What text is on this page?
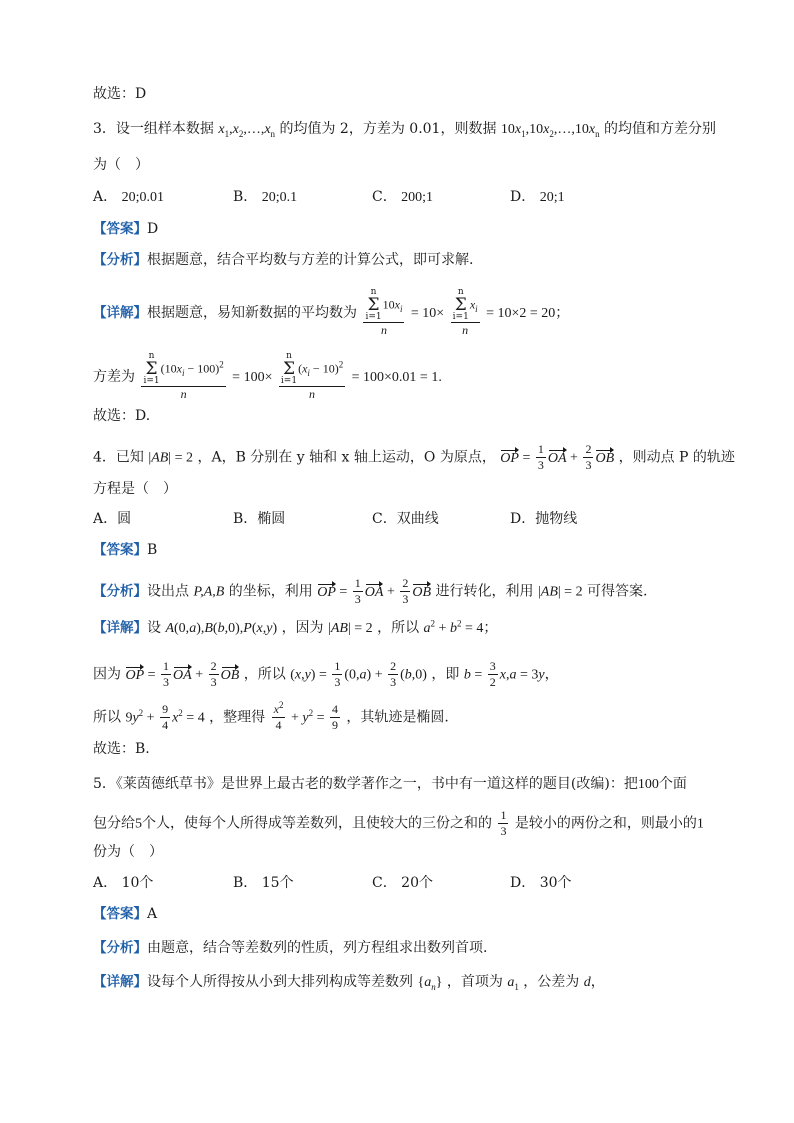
故选：D
3．设一组样本数据 $x_1,x_2,\dots,x_n$ 的均值为 2，方差为 0.01，则数据 $10x_1,10x_2,\dots,10x_n$ 的均值和方差分别
为（　）
A． 20;0.01	B． 20;0.1	C． 200;1	D． 20;1
【答案】D
【分析】根据题意，结合平均数与方差的计算公式，即可求解.
【详解】根据题意，易知新数据的平均数为 n
Σ
i=1
$10x_i$
n = 10× n
Σ
i=1
$x_i$
n = 10×2 = 20；
方差为 n
Σ
i=1
$(10x_i - 100)^2$
n = 100× n
Σ
i=1
$(x_i - 10)^2$
n = 100×0.01 = 1.
故选：D.
4．已知 |AB| = 2 ，A，B 分别在 y 轴和 x 轴上运动，O 为原点， OP = $\frac{1}{3}$ OA + $\frac{2}{3}$ OB ，则动点 P 的轨迹
方程是（　）
A．圆	B．椭圆	C．双曲线	D．抛物线
【答案】B
【分析】设出点 P,A,B 的坐标，利用 OP = $\frac{1}{3}$ OA + $\frac{2}{3}$ OB 进行转化，利用 |AB| = 2 可得答案.
【详解】设 A(0,a),B(b,0),P(x,y) ，因为 |AB| = 2 ，所以 $a^2 + b^2 = 4$；
因为 OP = $\frac{1}{3}$ OA + $\frac{2}{3}$ OB ，所以 $(x,y) = \frac{1}{3} (0,a) + \frac{2}{3} (b,0)$ ，即 $b = \frac{3}{2} x,a = 3y$，
所以 $9y^2 + \frac{9}{4} x^2 = 4$ ，整理得 $\frac{x^2}{4} + y^2 = \frac{4}{9}$ ，其轨迹是椭圆.
故选：B.
5．《莱茵德纸草书》是世界上最古老的数学著作之一，书中有一道这样的题目(改编)：把100个面
包分给5个人，使每个人所得成等差数列，且使较大的三份之和的 $\frac{1}{3}$ 是较小的两份之和，则最小的1
份为（　）
A． 10个	B． 15个	C． 20个	D． 30个
【答案】A
【分析】由题意，结合等差数列的性质，列方程组求出数列首项.
【详解】设每个人所得按从小到大排列构成等差数列 $\{a_n\}$ ，首项为 $a_1$ ，公差为 d，
